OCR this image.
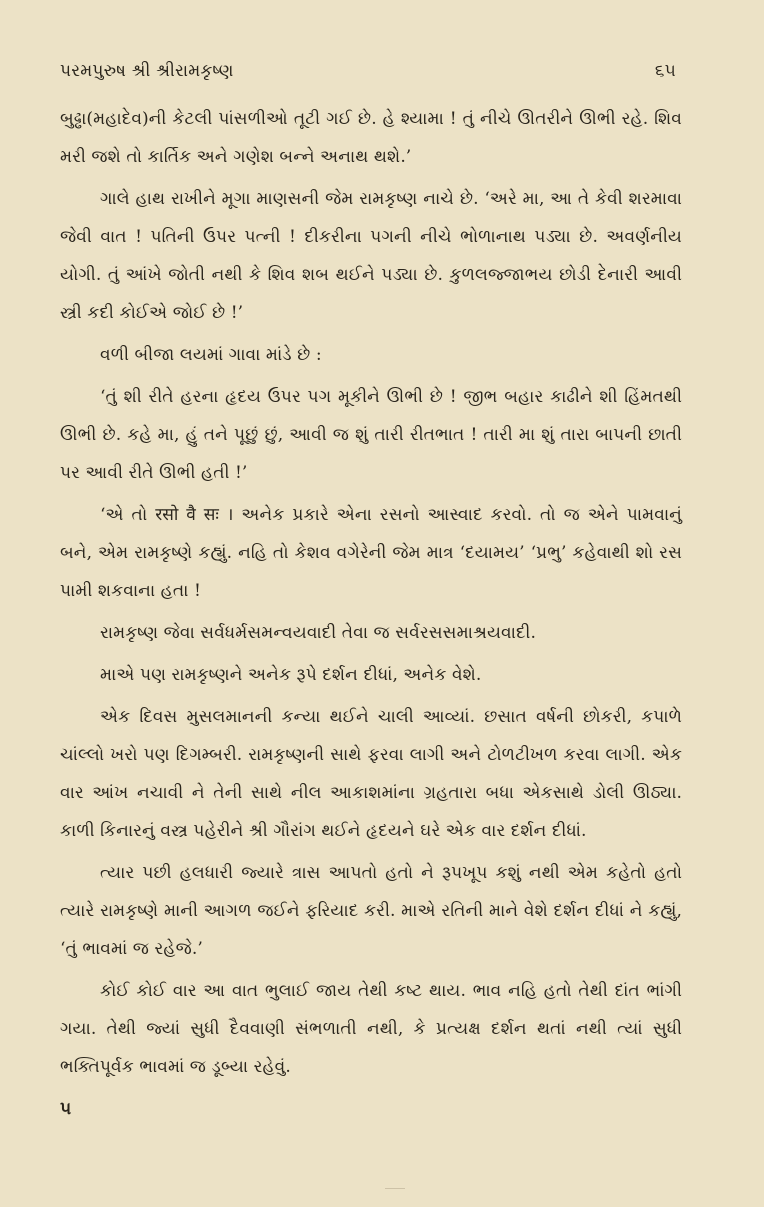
પરમપુરુષ શ્રી શ્રીરામકૃષ્ણ	૬૫

બુઢ્ઢા(મહાદેવ)ની કેટલી પાંસળીઓ તૂટી ગઈ છે. હે શ્યામા ! તું નીચે ઊતરીને ઊભી રહે. શિવ મરી જશે તો કાર્તિક અને ગણેશ બન્ને અનાથ થશે.’

ગાલે હાથ રાખીને મૂગા માણસની જેમ રામકૃષ્ણ નાચે છે. ‘અરે મા, આ તે કેવી શરમાવા જેવી વાત ! પતિની ઉપર પત્ની ! દીકરીના પગની નીચે ભોળાનાથ પડ્યા છે. અવર્ણનીય યોગી. તું આંખે જોતી નથી કે શિવ શબ થઈને પડ્યા છે. કુળલજ્જાભય છોડી દેનારી આવી સ્ત્રી કદી કોઈએ જોઈ છે !’

વળી બીજા લયમાં ગાવા માંડે છે :

‘તું શી રીતે હરના હૃદય ઉપર પગ મૂકીને ઊભી છે ! જીભ બહાર કાઢીને શી હિંમતથી ઊભી છે. કહે મા, હું તને પૂછું છું, આવી જ શું તારી રીતભાત ! તારી મા શું તારા બાપની છાતી પર આવી રીતે ઊભી હતી !’

‘એ તો रसो वै सः । અનેક પ્રકારે એના રસનો આસ્વાદ કરવો. તો જ એને પામવાનું બને, એમ રામકૃષ્ણે કહ્યું. નહિ તો કેશવ વગેરેની જેમ માત્ર ‘દયામય’ ‘પ્રભુ’ કહેવાથી શો રસ પામી શકવાના હતા !

રામકૃષ્ણ જેવા સર્વધર્મસમન્વયવાદી તેવા જ સર્વરસસમાશ્રયવાદી.

માએ પણ રામકૃષ્ણને અનેક રૂપે દર્શન દીધાં, અનેક વેશે.

એક દિવસ મુસલમાનની કન્યા થઈને ચાલી આવ્યાં. છસાત વર્ષની છોકરી, કપાળે ચાંલ્લો ખરો પણ દિગમ્બરી. રામકૃષ્ણની સાથે ફરવા લાગી અને ટોળટીખળ કરવા લાગી. એક વાર આંખ નચાવી ને તેની સાથે નીલ આકાશમાંના ગ્રહતારા બધા એકસાથે ડોલી ઊઠ્યા. કાળી કિનારનું વસ્ત્ર પહેરીને શ્રી ગૌરાંગ થઈને હૃદયને ઘરે એક વાર દર્શન દીધાં.

ત્યાર પછી હલધારી જ્યારે ત્રાસ આપતો હતો ને રૂપખૂપ કશું નથી એમ કહેતો હતો ત્યારે રામકૃષ્ણે માની આગળ જઈને ફરિયાદ કરી. માએ રતિની માને વેશે દર્શન દીધાં ને કહ્યું, ‘તું ભાવમાં જ રહેજે.’

કોઈ કોઈ વાર આ વાત ભુલાઈ જાય તેથી કષ્ટ થાય. ભાવ નહિ હતો તેથી દાંત ભાંગી ગયા. તેથી જ્યાં સુધી દૈવવાણી સંભળાતી નથી, કે પ્રત્યક્ષ દર્શન થતાં નથી ત્યાં સુધી ભક્તિપૂર્વક ભાવમાં જ ડૂબ્યા રહેવું.

૫
